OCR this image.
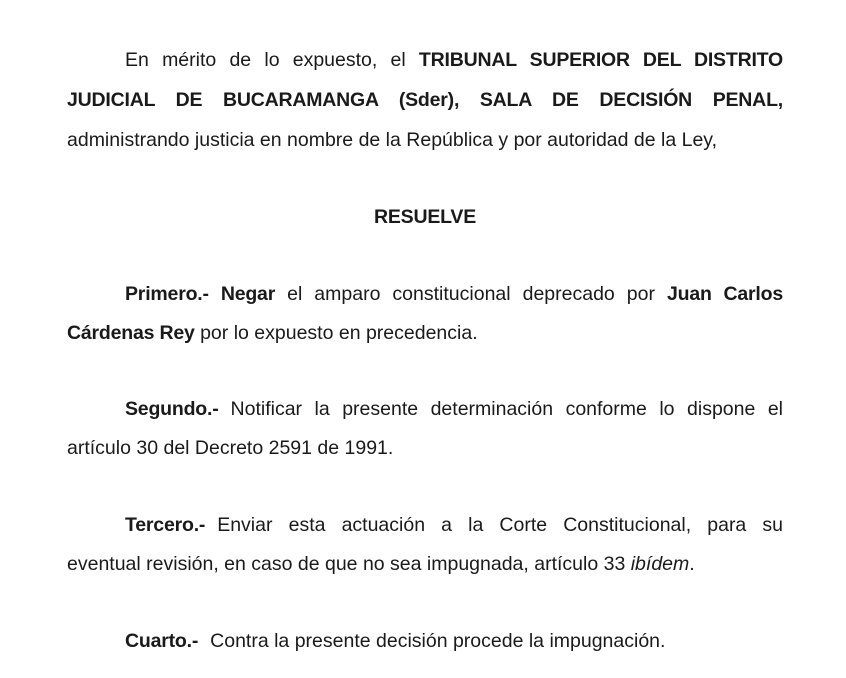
En mérito de lo expuesto, el TRIBUNAL SUPERIOR DEL DISTRITO
JUDICIAL DE BUCARAMANGA (Sder), SALA DE DECISIÓN PENAL,
administrando justicia en nombre de la República y por autoridad de la Ley,
RESUELVE
Primero.- Negar el amparo constitucional deprecado por Juan Carlos
Cárdenas Rey por lo expuesto en precedencia.
Segundo.- Notificar la presente determinación conforme lo dispone el
artículo 30 del Decreto 2591 de 1991.
Tercero.- Enviar esta actuación a la Corte Constitucional, para su
eventual revisión, en caso de que no sea impugnada, artículo 33 ibídem.
Cuarto.- Contra la presente decisión procede la impugnación.
